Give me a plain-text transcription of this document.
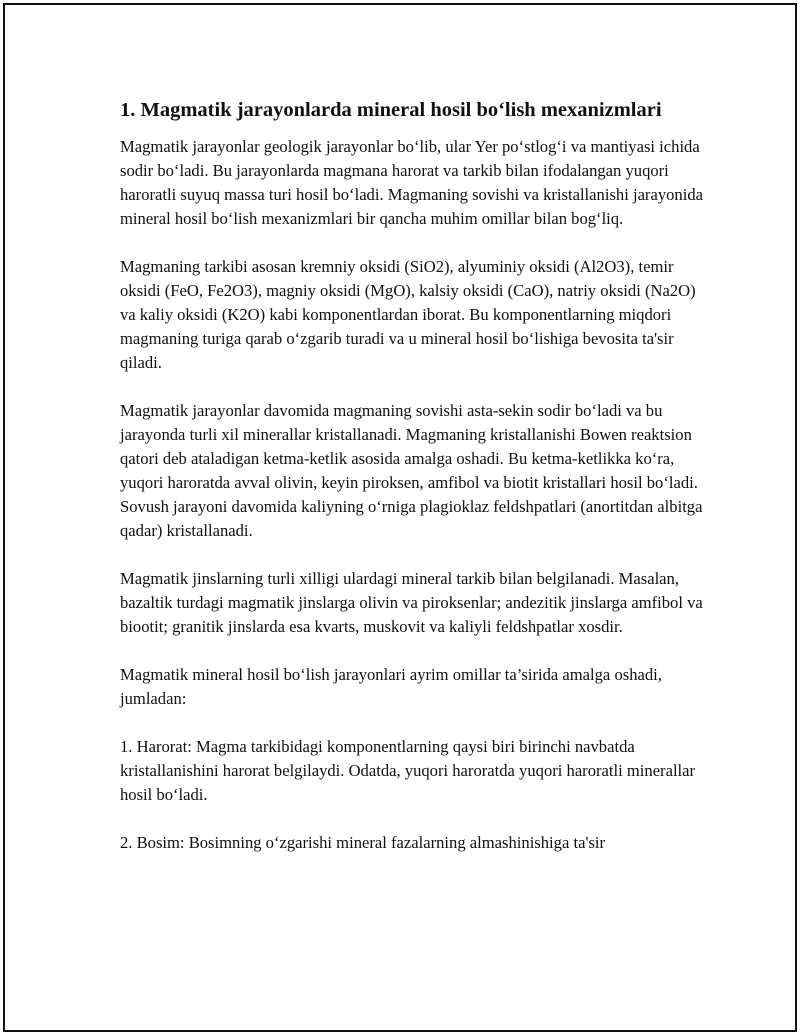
1. Magmatik jarayonlarda mineral hosil bo‘lish mexanizmlari

Magmatik jarayonlar geologik jarayonlar bo‘lib, ular Yer po‘stlog‘i va mantiyasi ichida sodir bo‘ladi. Bu jarayonlarda magmana harorat va tarkib bilan ifodalangan yuqori haroratli suyuq massa turi hosil bo‘ladi. Magmaning sovishi va kristallanishi jarayonida mineral hosil bo‘lish mexanizmlari bir qancha muhim omillar bilan bog‘liq.

Magmaning tarkibi asosan kremniy oksidi (SiO2), alyuminiy oksidi (Al2O3), temir oksidi (FeO, Fe2O3), magniy oksidi (MgO), kalsiy oksidi (CaO), natriy oksidi (Na2O) va kaliy oksidi (K2O) kabi komponentlardan iborat. Bu komponentlarning miqdori magmaning turiga qarab o‘zgarib turadi va u mineral hosil bo‘lishiga bevosita ta'sir qiladi.

Magmatik jarayonlar davomida magmaning sovishi asta-sekin sodir bo‘ladi va bu jarayonda turli xil minerallar kristallanadi. Magmaning kristallanishi Bowen reaktsion qatori deb ataladigan ketma-ketlik asosida amalga oshadi. Bu ketma-ketlikka ko‘ra, yuqori haroratda avval olivin, keyin piroksen, amfibol va biotit kristallari hosil bo‘ladi. Sovush jarayoni davomida kaliyning o‘rniga plagioklaz feldshpatlari (anortitdan albitga qadar) kristallanadi.

Magmatik jinslarning turli xilligi ulardagi mineral tarkib bilan belgilanadi. Masalan, bazaltik turdagi magmatik jinslarga olivin va piroksenlar; andezitik jinslarga amfibol va biootit; granitik jinslarda esa kvarts, muskovit va kaliyli feldshpatlar xosdir.

Magmatik mineral hosil bo‘lish jarayonlari ayrim omillar ta’sirida amalga oshadi, jumladan:

1. Harorat: Magma tarkibidagi komponentlarning qaysi biri birinchi navbatda kristallanishini harorat belgilaydi. Odatda, yuqori haroratda yuqori haroratli minerallar hosil bo‘ladi.

2. Bosim: Bosimning o‘zgarishi mineral fazalarning almashinishiga ta'sir
